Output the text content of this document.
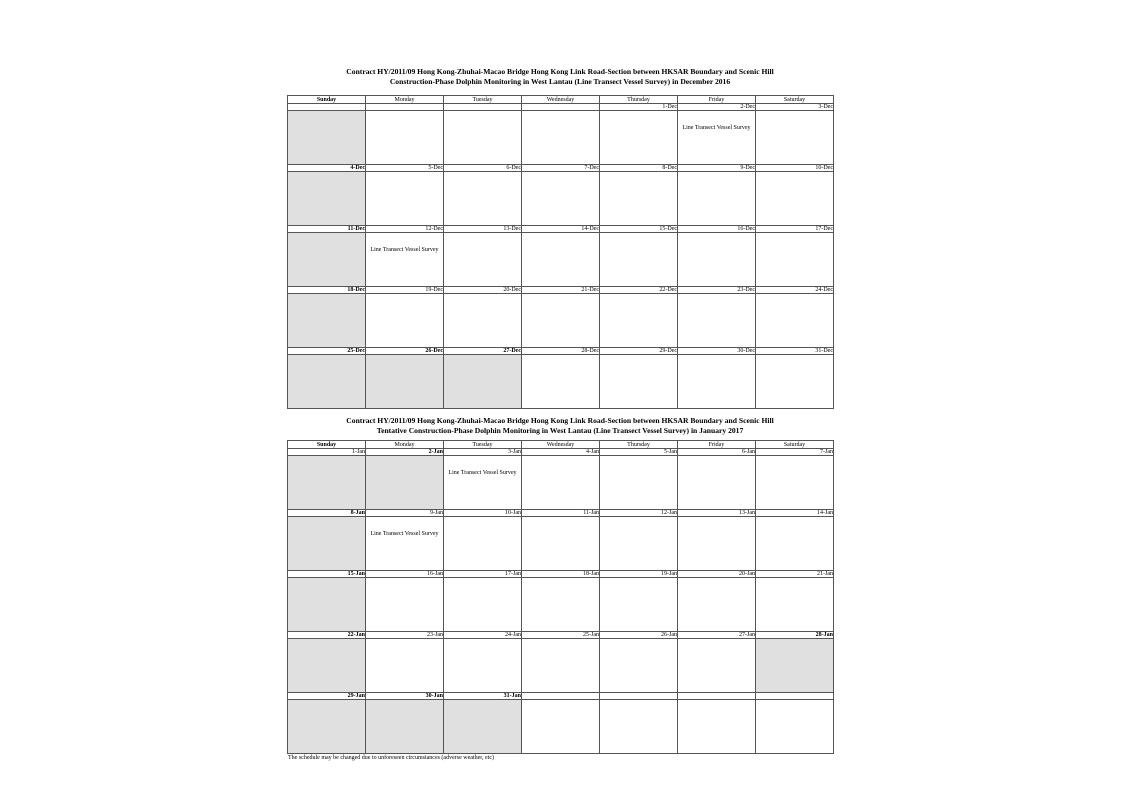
Contract HY/2011/09 Hong Kong-Zhuhai-Macao Bridge Hong Kong Link Road-Section between HKSAR Boundary and Scenic Hill
Construction-Phase Dolphin Monitoring in West Lantau (Line Transect Vessel Survey) in December 2016
Sunday	Monday	Tuesday	Wednesday	Thursday	Friday	Saturday
				1-Dec	2-Dec	3-Dec

					Line Transect Vessel Survey	

4-Dec	5-Dec	6-Dec	7-Dec	8-Dec	9-Dec	10-Dec

11-Dec	12-Dec	13-Dec	14-Dec	15-Dec	16-Dec	17-Dec

	Line Transect Vessel Survey					

18-Dec	19-Dec	20-Dec	21-Dec	22-Dec	23-Dec	24-Dec

25-Dec	26-Dec	27-Dec	28-Dec	29-Dec	30-Dec	31-Dec

Contract HY/2011/09 Hong Kong-Zhuhai-Macao Bridge Hong Kong Link Road-Section between HKSAR Boundary and Scenic Hill
Tentative Construction-Phase Dolphin Monitoring in West Lantau (Line Transect Vessel Survey) in January 2017
Sunday	Monday	Tuesday	Wednesday	Thursday	Friday	Saturday
1-Jan	2-Jan	3-Jan	4-Jan	5-Jan	6-Jan	7-Jan

		Line Transect Vessel Survey				

8-Jan	9-Jan	10-Jan	11-Jan	12-Jan	13-Jan	14-Jan

	Line Transect Vessel Survey					

15-Jan	16-Jan	17-Jan	18-Jan	19-Jan	20-Jan	21-Jan

22-Jan	23-Jan	24-Jan	25-Jan	26-Jan	27-Jan	28-Jan

29-Jan	30-Jan	31-Jan				

The schedule may be changed due to unforeseen circumstances (adverse weather, etc)
